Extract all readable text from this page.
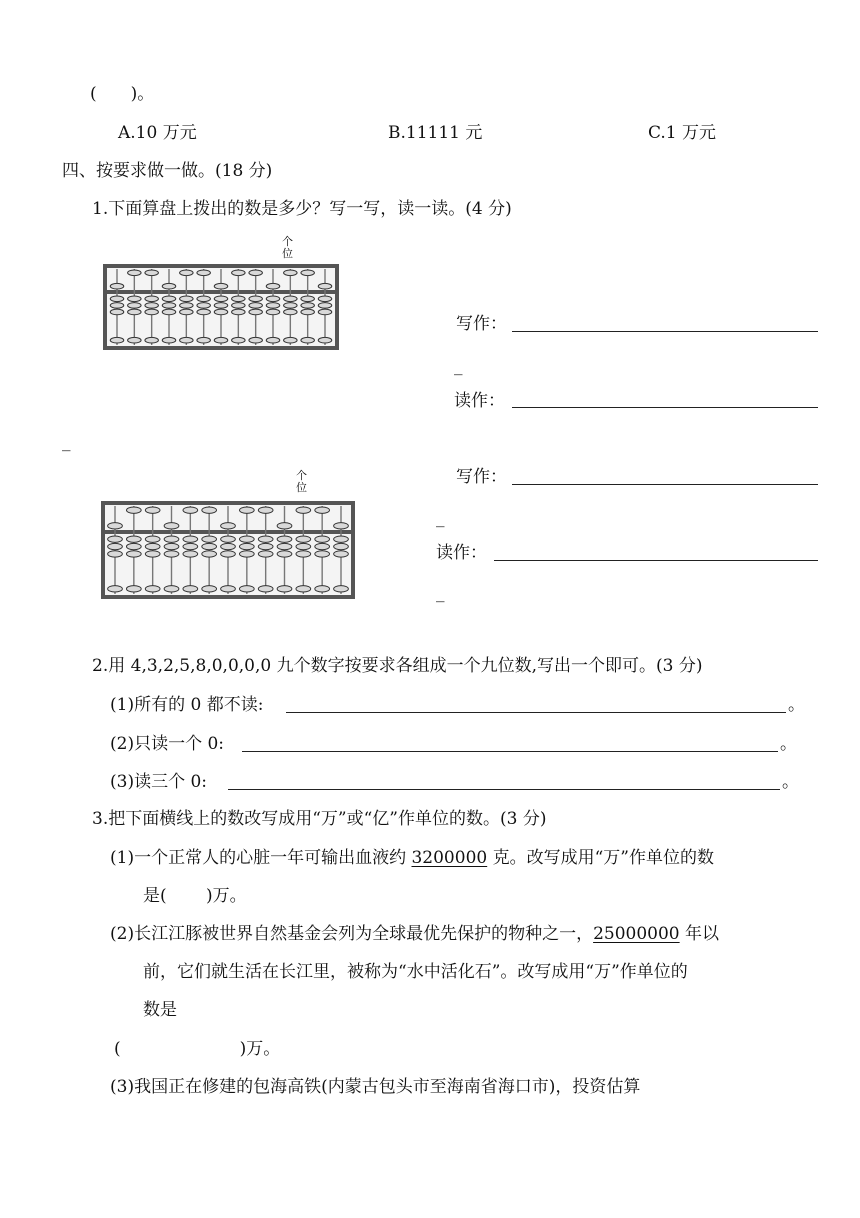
(　　)。
A.10 万元	B.11111 元	C.1 万元
四、按要求做一做。(18 分)
1.下面算盘上拨出的数是多少？写一写，读一读。(4 分)
个位
写作：
_
读作：
_
个位
写作：
_
读作：
_
2.用 4,3,2,5,8,0,0,0,0 九个数字按要求各组成一个九位数,写出一个即可。(3 分)
(1)所有的 0 都不读:	。
(2)只读一个 0:	。
(3)读三个 0:	。
3.把下面横线上的数改写成用“万”或“亿”作单位的数。(3 分)
(1)一个正常人的心脏一年可输出血液约 3200000 克。改写成用“万”作单位的数
是(　　 )万。
(2)长江江豚被世界自然基金会列为全球最优先保护的物种之一，25000000 年以
前，它们就生活在长江里，被称为“水中活化石”。改写成用“万”作单位的
数是
(　　　　　　　)万。
(3)我国正在修建的包海高铁(内蒙古包头市至海南省海口市)，投资估算
